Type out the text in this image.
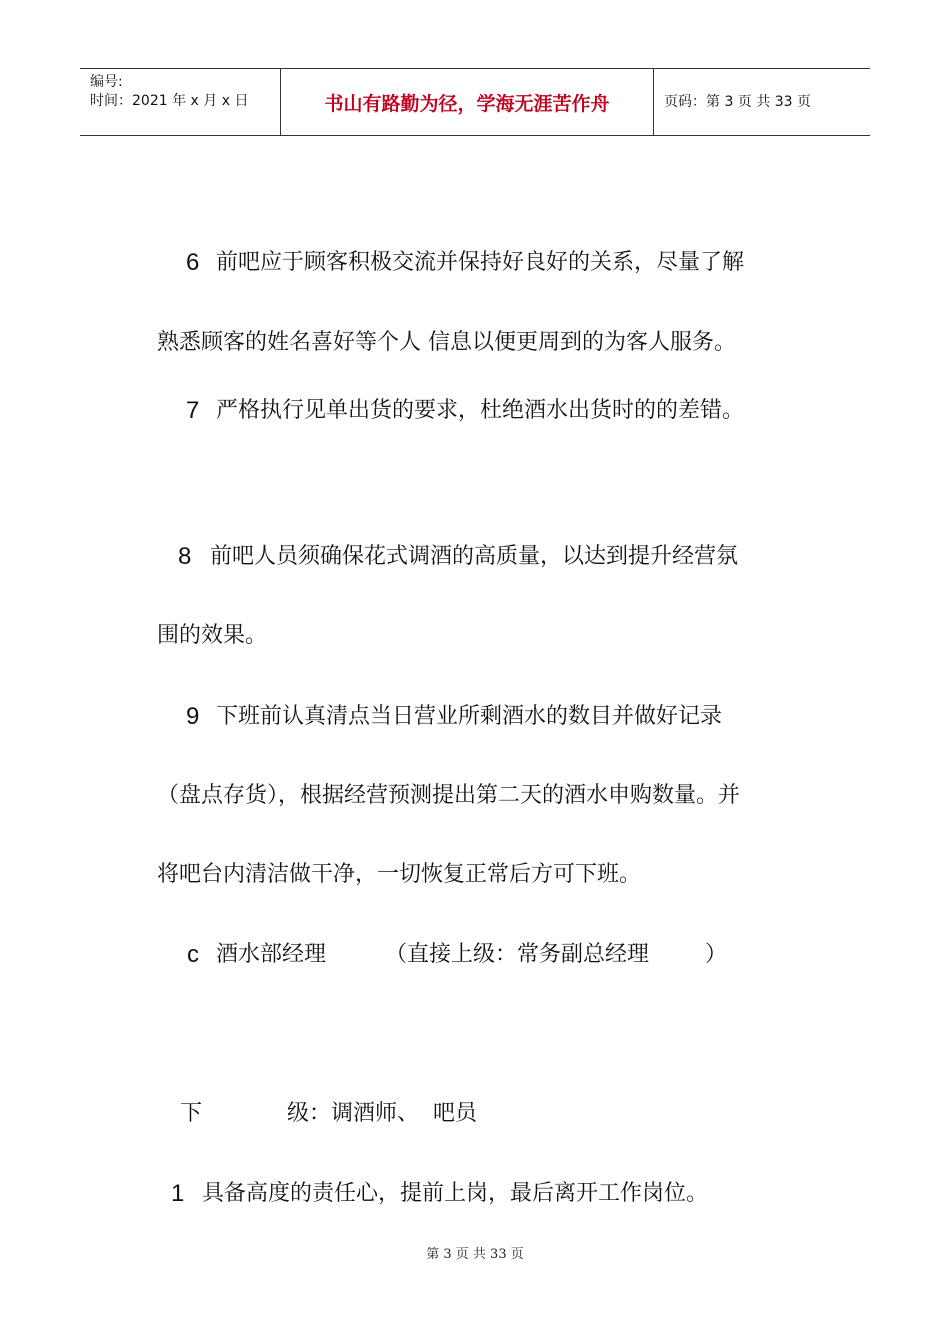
编号:
时间：2021 年 x 月 x 日	书山有路勤为径，学海无涯苦作舟	页码：第 3 页 共 33 页
6 前吧应于顾客积极交流并保持好良好的关系，尽量了解
熟悉顾客的姓名喜好等个人 信息以便更周到的为客人服务。
7 严格执行见单出货的要求，杜绝酒水出货时的的差错。
8 前吧人员须确保花式调酒的高质量，以达到提升经营氛
围的效果。
9 下班前认真清点当日营业所剩酒水的数目并做好记录
（盘点存货），根据经营预测提出第二天的酒水申购数量。并
将吧台内清洁做干净，一切恢复正常后方可下班。
c 酒水部经理	（直接上级：常务副总经理        ）
下	级：调酒师、  吧员
1 具备高度的责任心，提前上岗，最后离开工作岗位。
第 3 页 共 33 页
